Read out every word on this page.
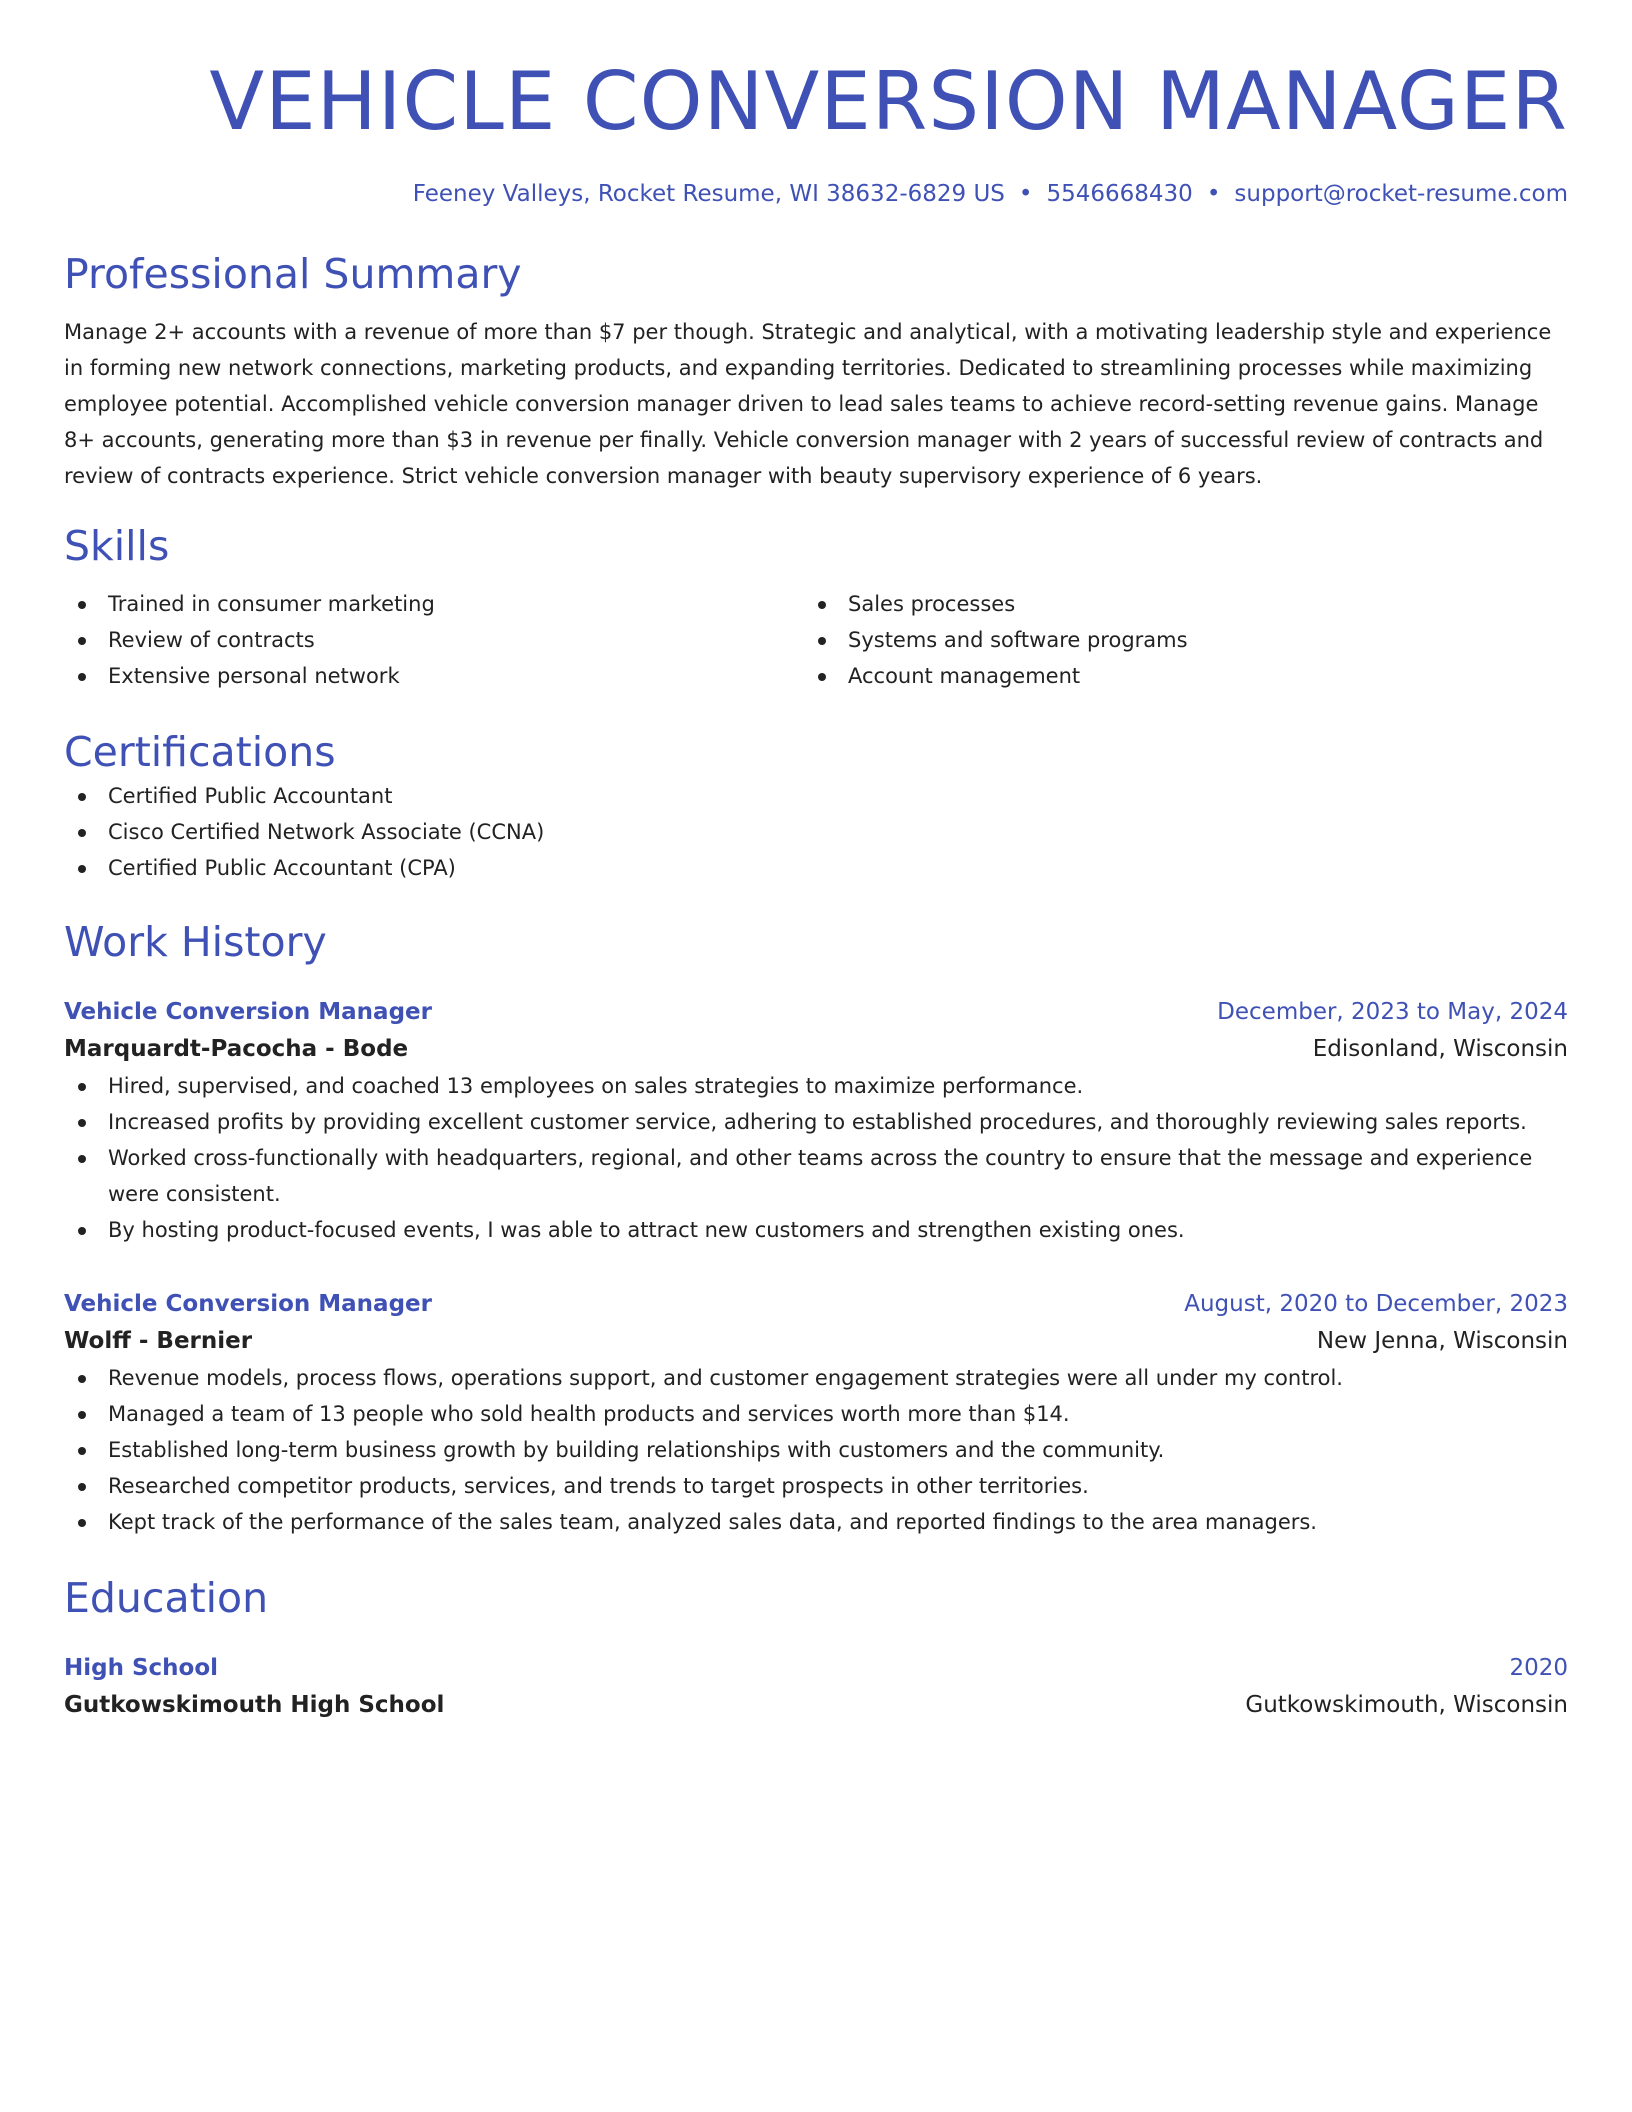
VEHICLE CONVERSION MANAGER
Feeney Valleys, Rocket Resume, WI 38632-6829 US • 5546668430 • support@rocket-resume.com
Professional Summary

Manage 2+ accounts with a revenue of more than $7 per though. Strategic and analytical, with a motivating leadership style and experience in forming new network connections, marketing products, and expanding territories. Dedicated to streamlining processes while maximizing employee potential. Accomplished vehicle conversion manager driven to lead sales teams to achieve record-setting revenue gains. Manage 8+ accounts, generating more than $3 in revenue per finally. Vehicle conversion manager with 2 years of successful review of contracts and review of contracts experience. Strict vehicle conversion manager with beauty supervisory experience of 6 years.

Skills
Trained in consumer marketing
Review of contracts
Extensive personal network
Sales processes
Systems and software programs
Account management
Certifications
Certified Public Accountant
Cisco Certified Network Associate (CCNA)
Certified Public Accountant (CPA)
Work History
Vehicle Conversion Manager	December, 2023 to May, 2024
Marquardt-Pacocha - Bode	Edisonland, Wisconsin
Hired, supervised, and coached 13 employees on sales strategies to maximize performance.
Increased profits by providing excellent customer service, adhering to established procedures, and thoroughly reviewing sales reports.
Worked cross-functionally with headquarters, regional, and other teams across the country to ensure that the message and experience were consistent.
By hosting product-focused events, I was able to attract new customers and strengthen existing ones.
Vehicle Conversion Manager	August, 2020 to December, 2023
Wolff - Bernier	New Jenna, Wisconsin
Revenue models, process flows, operations support, and customer engagement strategies were all under my control.
Managed a team of 13 people who sold health products and services worth more than $14.
Established long-term business growth by building relationships with customers and the community.
Researched competitor products, services, and trends to target prospects in other territories.
Kept track of the performance of the sales team, analyzed sales data, and reported findings to the area managers.
Education
High School	2020
Gutkowskimouth High School	Gutkowskimouth, Wisconsin
